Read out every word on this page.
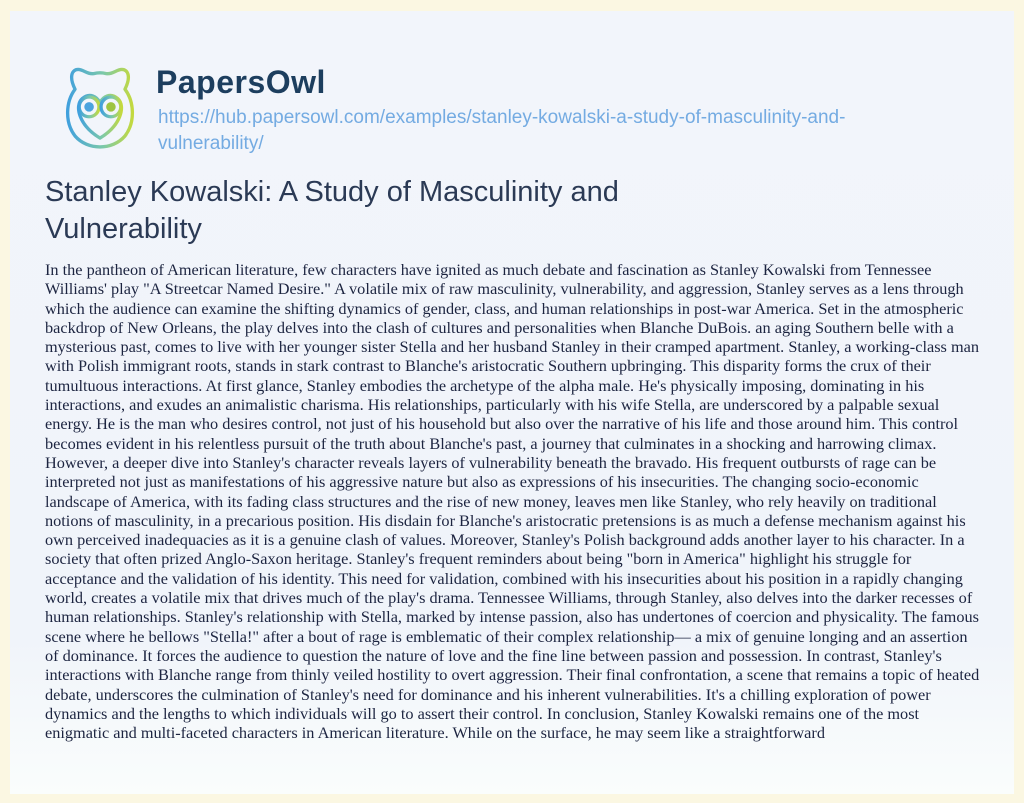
PapersOwl
https://hub.papersowl.com/examples/stanley-kowalski-a-study-of-masculinity-and-vulnerability/
Stanley Kowalski: A Study of Masculinity and Vulnerability

In the pantheon of American literature, few characters have ignited as much debate and fascination as Stanley Kowalski from Tennessee Williams' play "A Streetcar Named Desire." A volatile mix of raw masculinity, vulnerability, and aggression, Stanley serves as a lens through which the audience can examine the shifting dynamics of gender, class, and human relationships in post-war America. Set in the atmospheric backdrop of New Orleans, the play delves into the clash of cultures and personalities when Blanche DuBois. an aging Southern belle with a mysterious past, comes to live with her younger sister Stella and her husband Stanley in their cramped apartment. Stanley, a working-class man with Polish immigrant roots, stands in stark contrast to Blanche's aristocratic Southern upbringing. This disparity forms the crux of their tumultuous interactions. At first glance, Stanley embodies the archetype of the alpha male. He's physically imposing, dominating in his interactions, and exudes an animalistic charisma. His relationships, particularly with his wife Stella, are underscored by a palpable sexual energy. He is the man who desires control, not just of his household but also over the narrative of his life and those around him. This control becomes evident in his relentless pursuit of the truth about Blanche's past, a journey that culminates in a shocking and harrowing climax. However, a deeper dive into Stanley's character reveals layers of vulnerability beneath the bravado. His frequent outbursts of rage can be interpreted not just as manifestations of his aggressive nature but also as expressions of his insecurities. The changing socio-economic landscape of America, with its fading class structures and the rise of new money, leaves men like Stanley, who rely heavily on traditional notions of masculinity, in a precarious position. His disdain for Blanche's aristocratic pretensions is as much a defense mechanism against his own perceived inadequacies as it is a genuine clash of values. Moreover, Stanley's Polish background adds another layer to his character. In a society that often prized Anglo-Saxon heritage. Stanley's frequent reminders about being "born in America" highlight his struggle for acceptance and the validation of his identity. This need for validation, combined with his insecurities about his position in a rapidly changing world, creates a volatile mix that drives much of the play's drama. Tennessee Williams, through Stanley, also delves into the darker recesses of human relationships. Stanley's relationship with Stella, marked by intense passion, also has undertones of coercion and physicality. The famous scene where he bellows "Stella!" after a bout of rage is emblematic of their complex relationship— a mix of genuine longing and an assertion of dominance. It forces the audience to question the nature of love and the fine line between passion and possession. In contrast, Stanley's interactions with Blanche range from thinly veiled hostility to overt aggression. Their final confrontation, a scene that remains a topic of heated debate, underscores the culmination of Stanley's need for dominance and his inherent vulnerabilities. It's a chilling exploration of power dynamics and the lengths to which individuals will go to assert their control. In conclusion, Stanley Kowalski remains one of the most enigmatic and multi-faceted characters in American literature. While on the surface, he may seem like a straightforward
